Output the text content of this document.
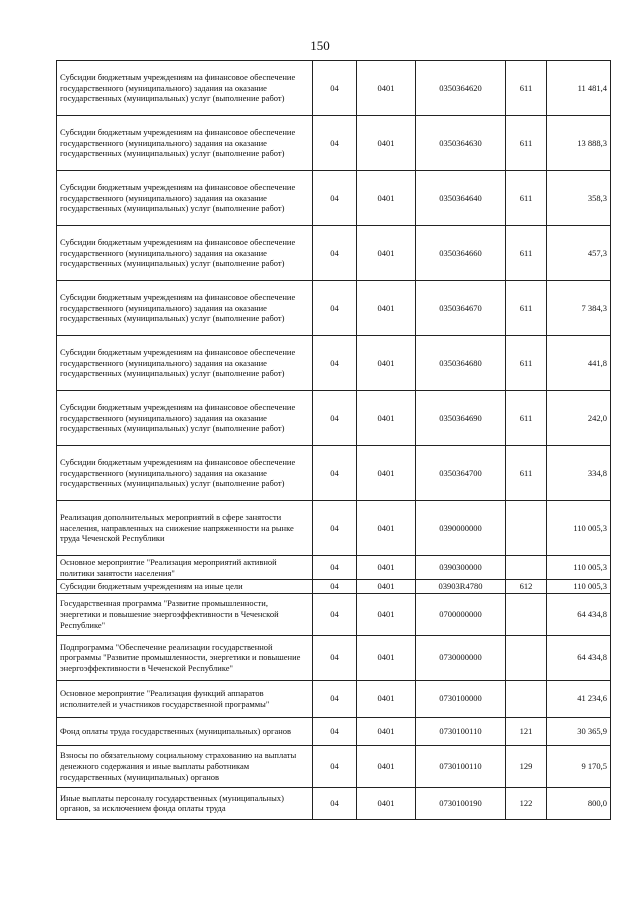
150
Субсидии бюджетным учреждениям на финансовое обеспечение государственного (муниципального) задания на оказание государственных (муниципальных) услуг (выполнение работ)	04	0401	0350364620	611	11 481,4
Субсидии бюджетным учреждениям на финансовое обеспечение государственного (муниципального) задания на оказание государственных (муниципальных) услуг (выполнение работ)	04	0401	0350364630	611	13 888,3
Субсидии бюджетным учреждениям на финансовое обеспечение государственного (муниципального) задания на оказание государственных (муниципальных) услуг (выполнение работ)	04	0401	0350364640	611	358,3
Субсидии бюджетным учреждениям на финансовое обеспечение государственного (муниципального) задания на оказание государственных (муниципальных) услуг (выполнение работ)	04	0401	0350364660	611	457,3
Субсидии бюджетным учреждениям на финансовое обеспечение государственного (муниципального) задания на оказание государственных (муниципальных) услуг (выполнение работ)	04	0401	0350364670	611	7 384,3
Субсидии бюджетным учреждениям на финансовое обеспечение государственного (муниципального) задания на оказание государственных (муниципальных) услуг (выполнение работ)	04	0401	0350364680	611	441,8
Субсидии бюджетным учреждениям на финансовое обеспечение государственного (муниципального) задания на оказание государственных (муниципальных) услуг (выполнение работ)	04	0401	0350364690	611	242,0
Субсидии бюджетным учреждениям на финансовое обеспечение государственного (муниципального) задания на оказание государственных (муниципальных) услуг (выполнение работ)	04	0401	0350364700	611	334,8
Реализация дополнительных мероприятий в сфере занятости населения, направленных на снижение напряженности на рынке труда Чеченской Республики	04	0401	0390000000		110 005,3
Основное мероприятие "Реализация мероприятий активной политики занятости населения"	04	0401	0390300000		110 005,3
Субсидии бюджетным учреждениям на иные цели	04	0401	03903R4780	612	110 005,3
Государственная программа "Развитие промышленности, энергетики и повышение энергоэффективности в Чеченской Республике"	04	0401	0700000000		64 434,8
Подпрограмма "Обеспечение реализации государственной программы "Развитие промышленности, энергетики и повышение энергоэффективности в Чеченской Республике"	04	0401	0730000000		64 434,8
Основное мероприятие "Реализация функций аппаратов исполнителей и участников государственной программы"	04	0401	0730100000		41 234,6
Фонд оплаты труда государственных (муниципальных) органов	04	0401	0730100110	121	30 365,9
Взносы по обязательному социальному страхованию на выплаты денежного содержания и иные выплаты работникам государственных (муниципальных) органов	04	0401	0730100110	129	9 170,5
Иные выплаты персоналу государственных (муниципальных) органов, за исключением фонда оплаты труда	04	0401	0730100190	122	800,0
